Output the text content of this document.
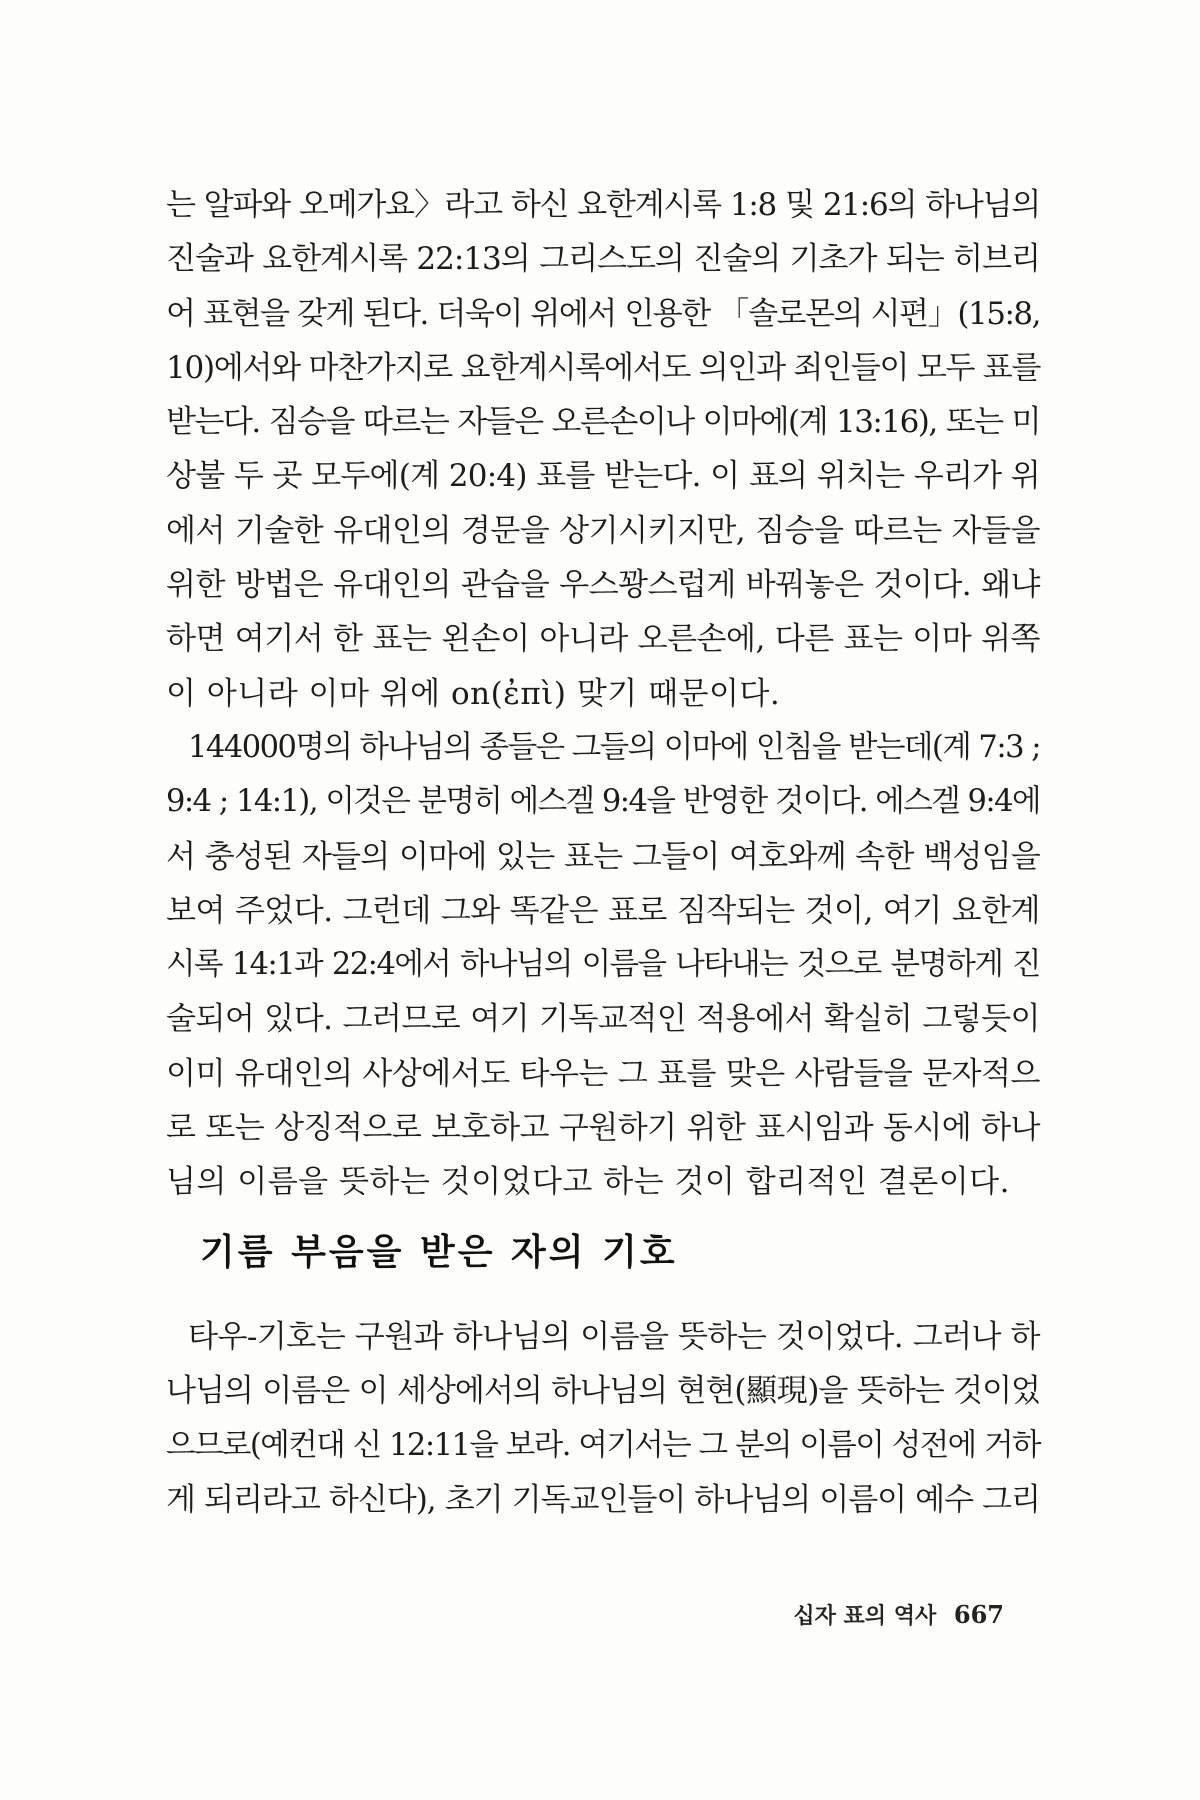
는 알파와 오메가요〉라고 하신 요한계시록 1:8 및 21:6의 하나님의
진술과 요한계시록 22:13의 그리스도의 진술의 기초가 되는 히브리
어 표현을 갖게 된다. 더욱이 위에서 인용한 「솔로몬의 시편」(15:8,
10)에서와 마찬가지로 요한계시록에서도 의인과 죄인들이 모두 표를
받는다. 짐승을 따르는 자들은 오른손이나 이마에(계 13:16), 또는 미
상불 두 곳 모두에(계 20:4) 표를 받는다. 이 표의 위치는 우리가 위
에서 기술한 유대인의 경문을 상기시키지만, 짐승을 따르는 자들을
위한 방법은 유대인의 관습을 우스꽝스럽게 바꿔놓은 것이다. 왜냐
하면 여기서 한 표는 왼손이 아니라 오른손에, 다른 표는 이마 위쪽
이 아니라 이마 위에 on(ἐπὶ) 맞기 때문이다.
144000명의 하나님의 종들은 그들의 이마에 인침을 받는데(계 7:3 ;
9:4 ; 14:1), 이것은 분명히 에스겔 9:4을 반영한 것이다. 에스겔 9:4에
서 충성된 자들의 이마에 있는 표는 그들이 여호와께 속한 백성임을
보여 주었다. 그런데 그와 똑같은 표로 짐작되는 것이, 여기 요한계
시록 14:1과 22:4에서 하나님의 이름을 나타내는 것으로 분명하게 진
술되어 있다. 그러므로 여기 기독교적인 적용에서 확실히 그렇듯이
이미 유대인의 사상에서도 타우는 그 표를 맞은 사람들을 문자적으
로 또는 상징적으로 보호하고 구원하기 위한 표시임과 동시에 하나
님의 이름을 뜻하는 것이었다고 하는 것이 합리적인 결론이다.
기름 부음을 받은 자의 기호
타우-기호는 구원과 하나님의 이름을 뜻하는 것이었다. 그러나 하
나님의 이름은 이 세상에서의 하나님의 현현(顯現)을 뜻하는 것이었
으므로(예컨대 신 12:11을 보라. 여기서는 그 분의 이름이 성전에 거하
게 되리라고 하신다), 초기 기독교인들이 하나님의 이름이 예수 그리
십자 표의 역사 667
